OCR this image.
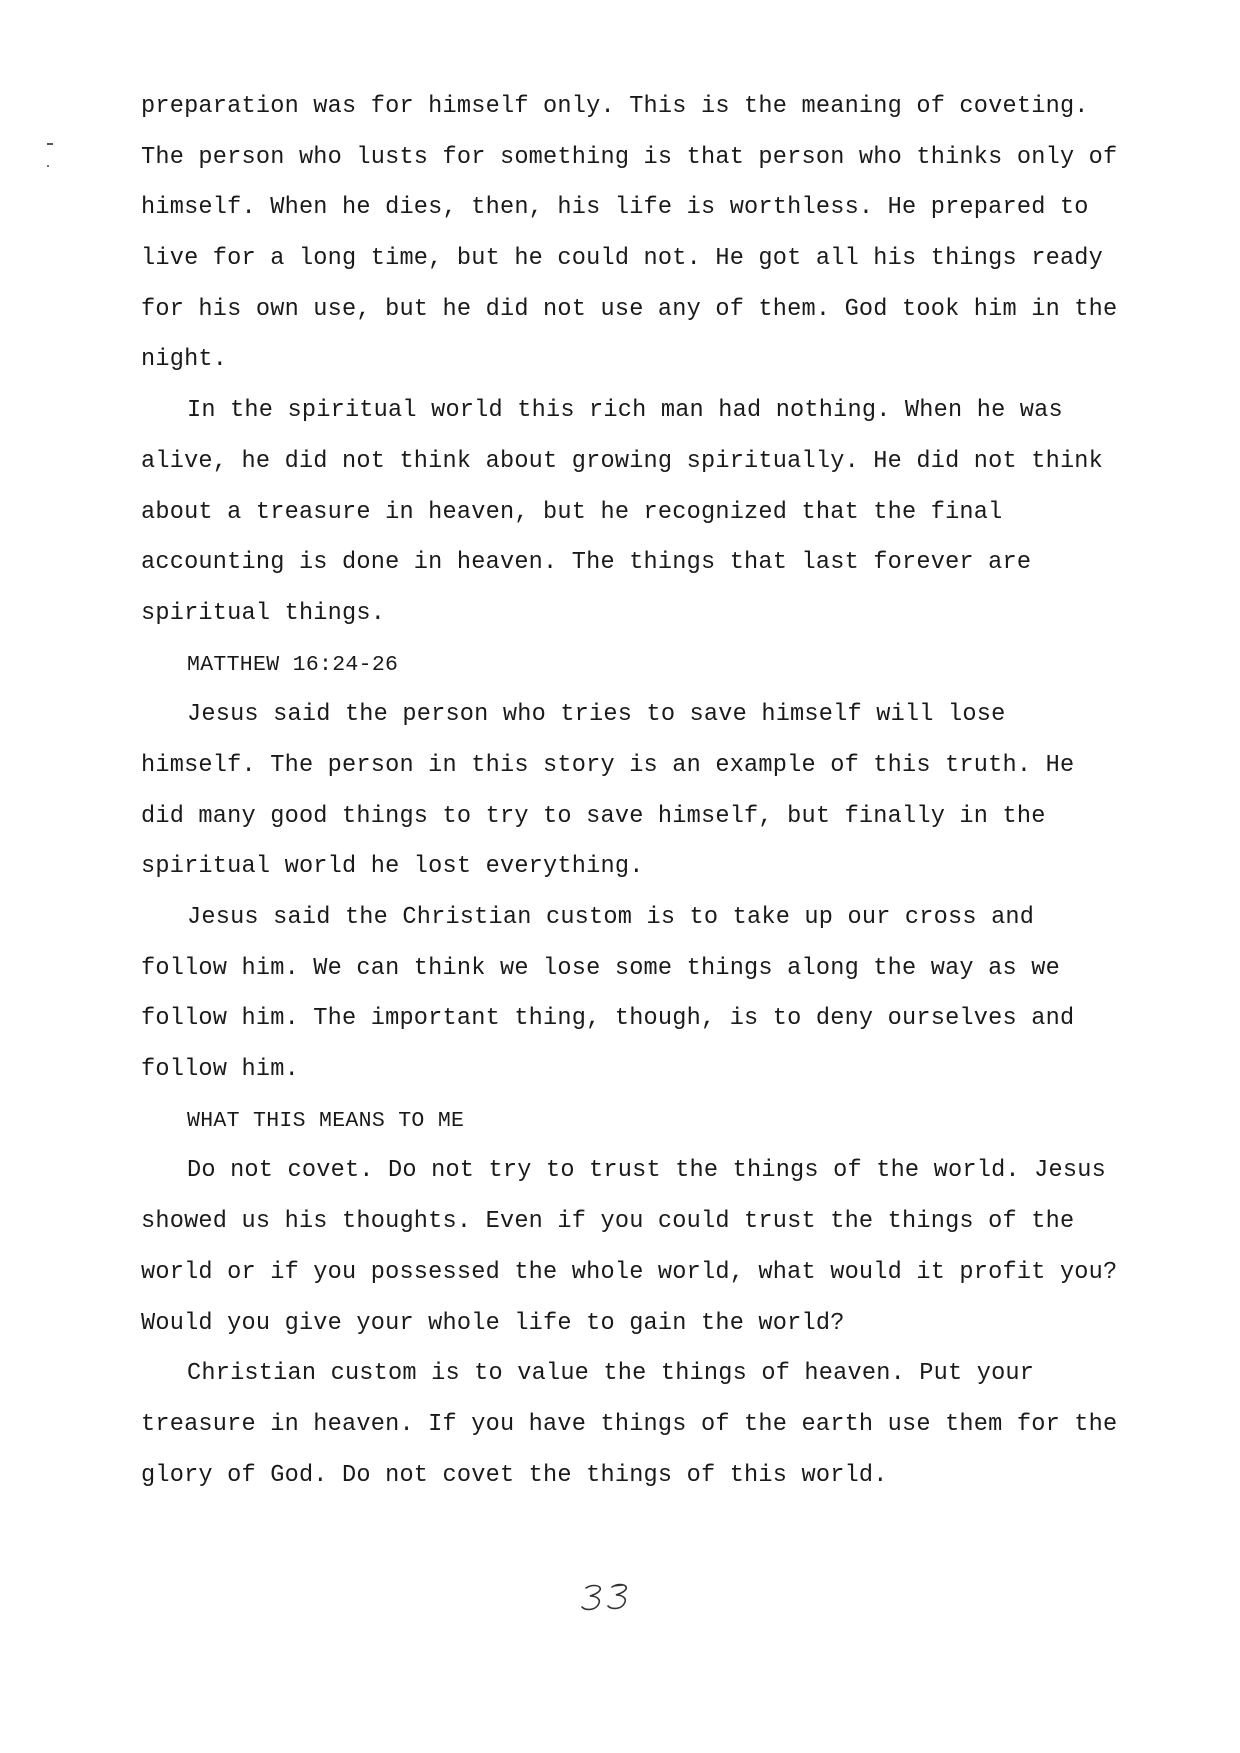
preparation was for himself only. This is the meaning of coveting.
The person who lusts for something is that person who thinks only of
himself. When he dies, then, his life is worthless. He prepared to
live for a long time, but he could not. He got all his things ready
for his own use, but he did not use any of them. God took him in the
night.
In the spiritual world this rich man had nothing. When he was
alive, he did not think about growing spiritually. He did not think
about a treasure in heaven, but he recognized that the final
accounting is done in heaven. The things that last forever are
spiritual things.
MATTHEW 16:24-26
Jesus said the person who tries to save himself will lose
himself. The person in this story is an example of this truth. He
did many good things to try to save himself, but finally in the
spiritual world he lost everything.
Jesus said the Christian custom is to take up our cross and
follow him. We can think we lose some things along the way as we
follow him. The important thing, though, is to deny ourselves and
follow him.
WHAT THIS MEANS TO ME
Do not covet. Do not try to trust the things of the world. Jesus
showed us his thoughts. Even if you could trust the things of the
world or if you possessed the whole world, what would it profit you?
Would you give your whole life to gain the world?
Christian custom is to value the things of heaven. Put your
treasure in heaven. If you have things of the earth use them for the
glory of God. Do not covet the things of this world.
